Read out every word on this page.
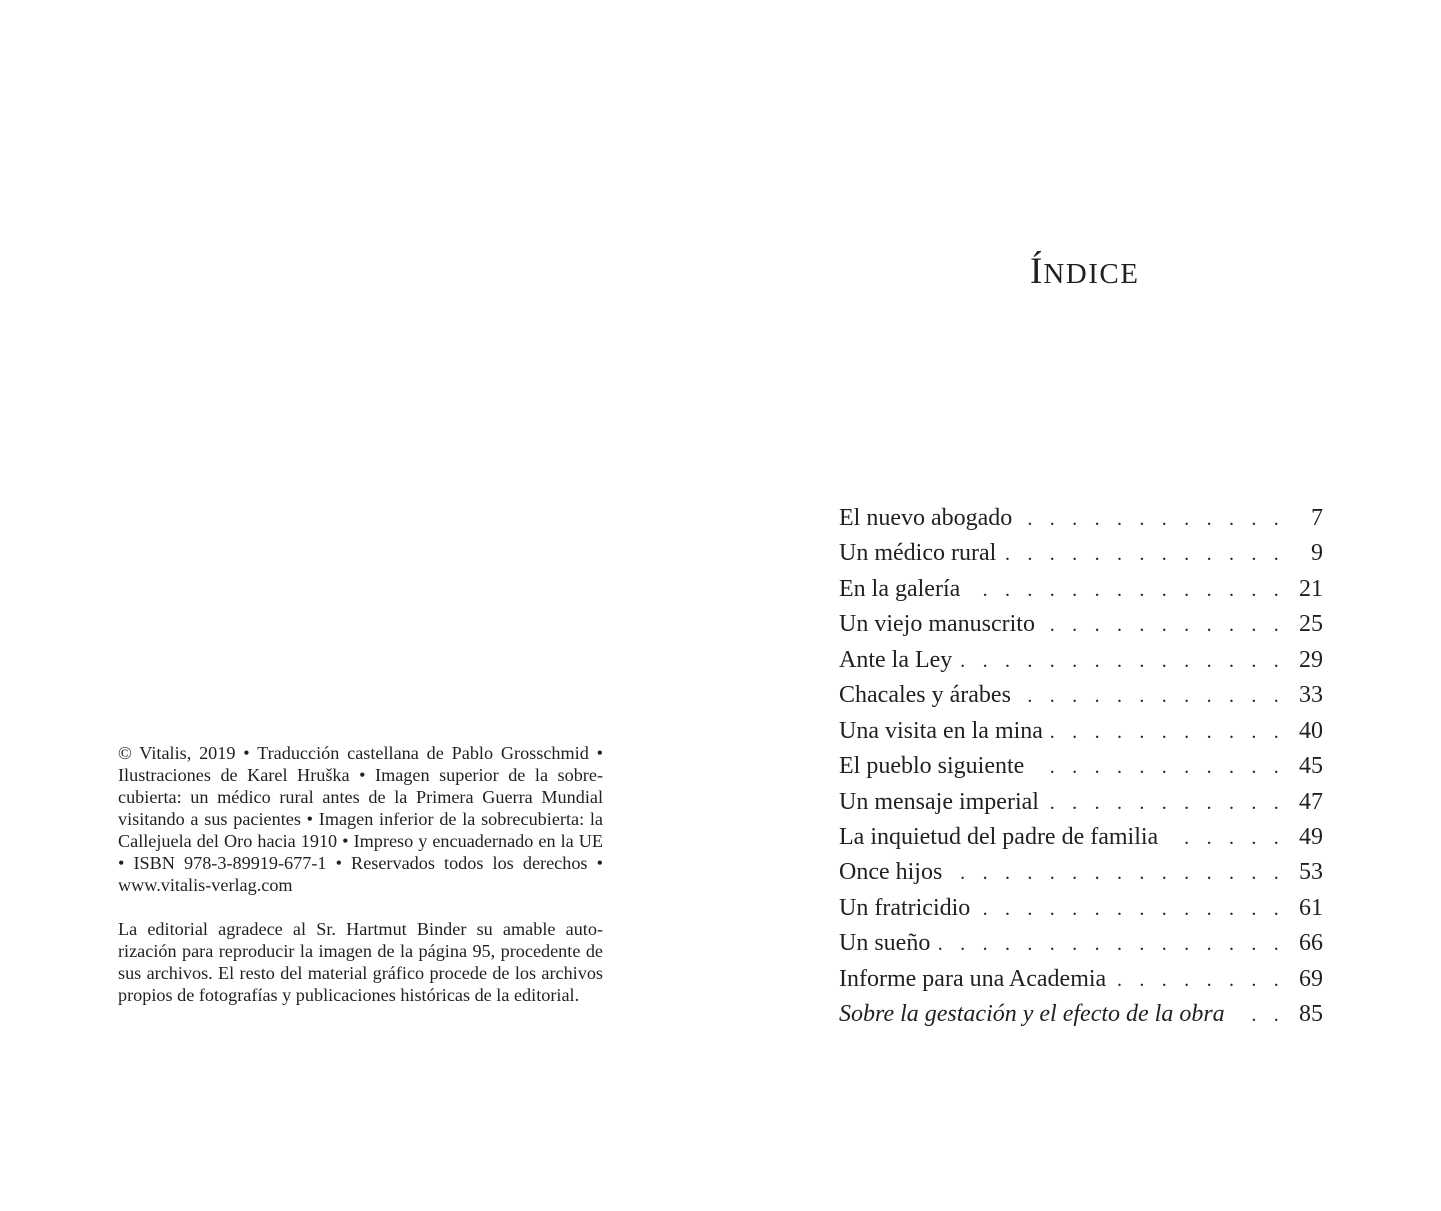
© Vitalis, 2019 • Traducción castellana de Pablo Grosschmid • Ilustraciones de Karel Hruška • Imagen superior de la sobrecubierta: un médico rural antes de la Primera Guerra Mundial visitando a sus pacientes • Imagen inferior de la sobrecubierta: la Callejuela del Oro hacia 1910 • Impreso y encuadernado en la UE • ISBN 978-3-89919-677-1 • Reservados todos los derechos • www.vitalis-verlag.com

La editorial agradece al Sr. Hartmut Binder su amable autorización para reproducir la imagen de la página 95, procedente de sus archivos. El resto del material gráfico procede de los archivos propios de fotografías y publicaciones históricas de la editorial.

ÍNDICE
El nuevo abogado . . .	7
Un médico rural . . .	9
En la galería . . .	21
Un viejo manuscrito . . .	25
Ante la Ley . . .	29
Chacales y árabes . . .	33
Una visita en la mina . . .	40
El pueblo siguiente . . .	45
Un mensaje imperial . . .	47
La inquietud del padre de familia . . .	49
Once hijos . . .	53
Un fratricidio . . .	61
Un sueño . . .	66
Informe para una Academia . . .	69
Sobre la gestación y el efecto de la obra . . .	85
